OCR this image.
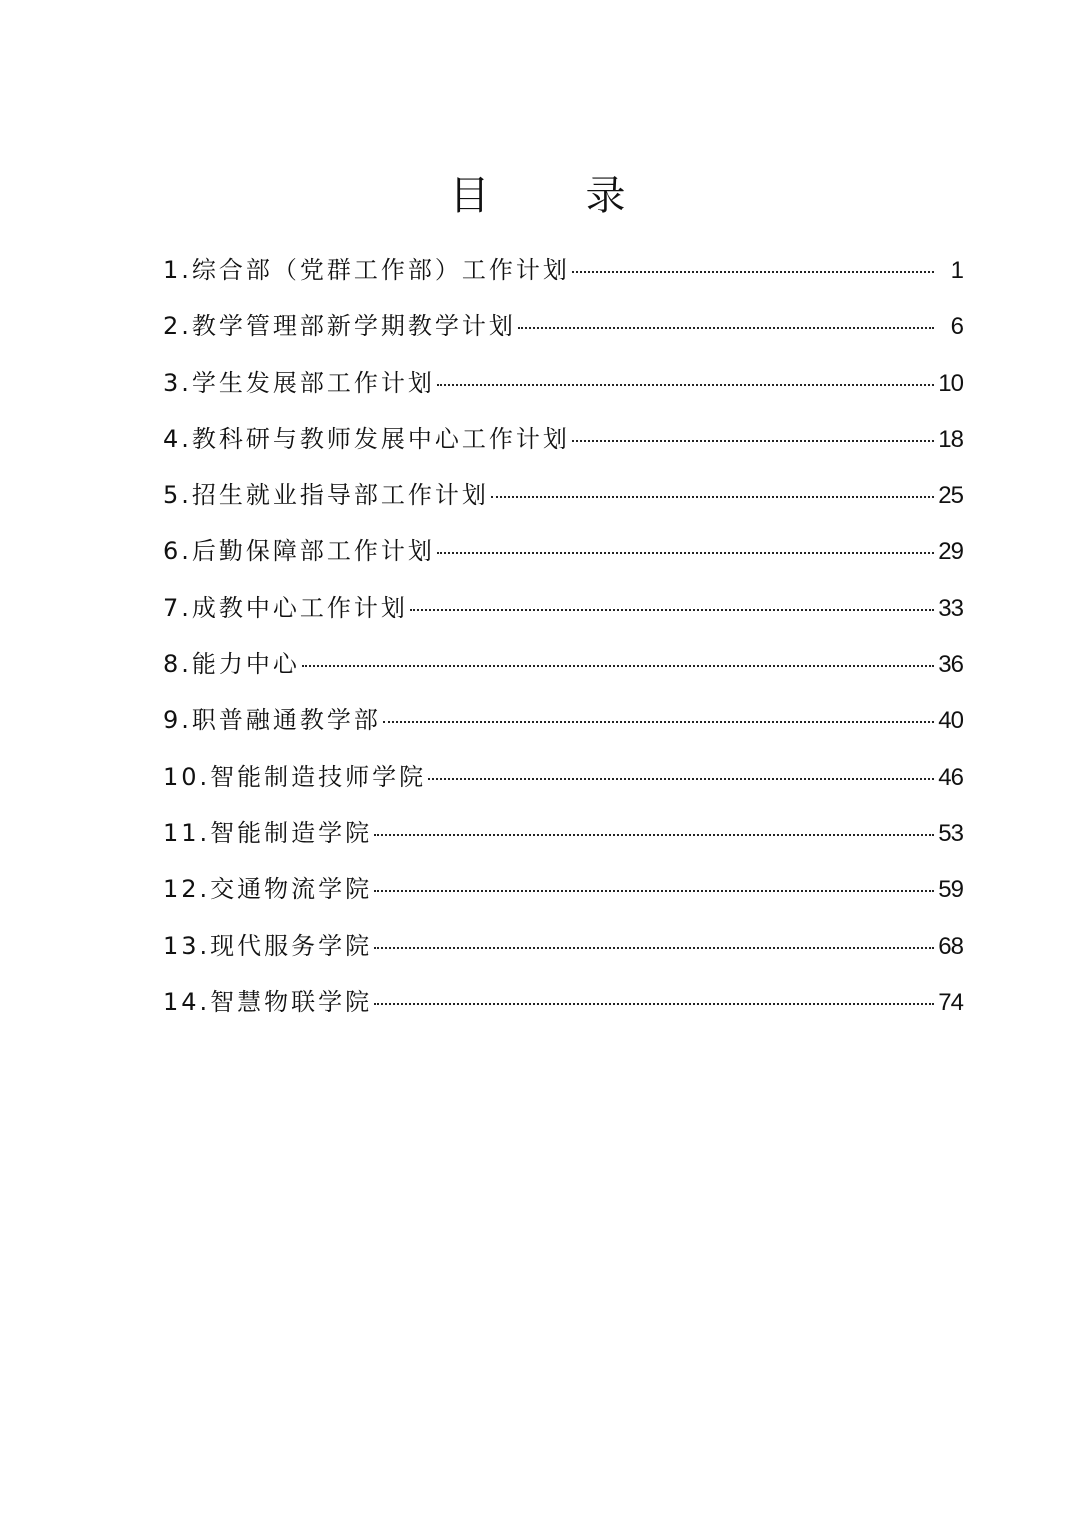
目 录
1.综合部（党群工作部）工作计划	1
2.教学管理部新学期教学计划	6
3.学生发展部工作计划	10
4.教科研与教师发展中心工作计划	18
5.招生就业指导部工作计划	25
6.后勤保障部工作计划	29
7.成教中心工作计划	33
8.能力中心	36
9.职普融通教学部	40
10.智能制造技师学院	46
11.智能制造学院	53
12.交通物流学院	59
13.现代服务学院	68
14.智慧物联学院	74
